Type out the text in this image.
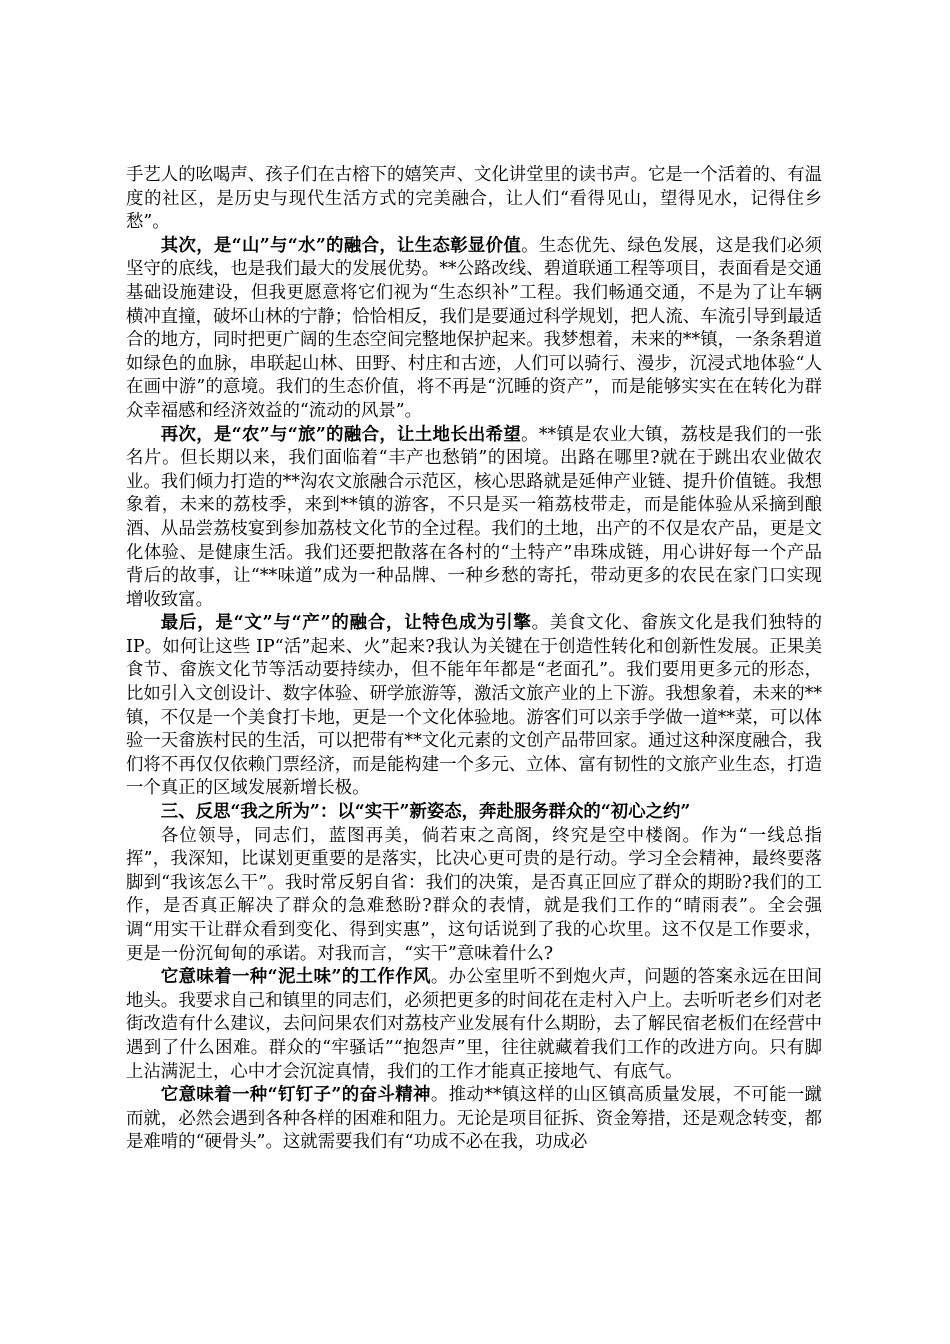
手艺人的吆喝声、孩子们在古榕下的嬉笑声、文化讲堂里的读书声。它是一个活着的、有温度的社区，是历史与现代生活方式的完美融合，让人们“看得见山，望得见水，记得住乡愁”。

其次，是“山”与“水”的融合，让生态彰显价值。生态优先、绿色发展，这是我们必须坚守的底线，也是我们最大的发展优势。**公路改线、碧道联通工程等项目，表面看是交通基础设施建设，但我更愿意将它们视为“生态织补”工程。我们畅通交通，不是为了让车辆横冲直撞，破坏山林的宁静；恰恰相反，我们是要通过科学规划，把人流、车流引导到最适合的地方，同时把更广阔的生态空间完整地保护起来。我梦想着，未来的**镇，一条条碧道如绿色的血脉，串联起山林、田野、村庄和古迹，人们可以骑行、漫步，沉浸式地体验“人在画中游”的意境。我们的生态价值，将不再是“沉睡的资产”，而是能够实实在在转化为群众幸福感和经济效益的“流动的风景”。

再次，是“农”与“旅”的融合，让土地长出希望。**镇是农业大镇，荔枝是我们的一张名片。但长期以来，我们面临着“丰产也愁销”的困境。出路在哪里?就在于跳出农业做农业。我们倾力打造的**沟农文旅融合示范区，核心思路就是延伸产业链、提升价值链。我想象着，未来的荔枝季，来到**镇的游客，不只是买一箱荔枝带走，而是能体验从采摘到酿酒、从品尝荔枝宴到参加荔枝文化节的全过程。我们的土地，出产的不仅是农产品，更是文化体验、是健康生活。我们还要把散落在各村的“土特产”串珠成链，用心讲好每一个产品背后的故事，让“**味道”成为一种品牌、一种乡愁的寄托，带动更多的农民在家门口实现增收致富。

最后，是“文”与“产”的融合，让特色成为引擎。美食文化、畲族文化是我们独特的 IP。如何让这些 IP“活”起来、火”起来?我认为关键在于创造性转化和创新性发展。正果美食节、畲族文化节等活动要持续办，但不能年年都是“老面孔”。我们要用更多元的形态，比如引入文创设计、数字体验、研学旅游等，激活文旅产业的上下游。我想象着，未来的**镇，不仅是一个美食打卡地，更是一个文化体验地。游客们可以亲手学做一道**菜，可以体验一天畲族村民的生活，可以把带有**文化元素的文创产品带回家。通过这种深度融合，我们将不再仅仅依赖门票经济，而是能构建一个多元、立体、富有韧性的文旅产业生态，打造一个真正的区域发展新增长极。

三、反思“我之所为”：以“实干”新姿态，奔赴服务群众的“初心之约”

各位领导，同志们，蓝图再美，倘若束之高阁，终究是空中楼阁。作为“一线总指挥”，我深知，比谋划更重要的是落实，比决心更可贵的是行动。学习全会精神，最终要落脚到“我该怎么干”。我时常反躬自省：我们的决策，是否真正回应了群众的期盼?我们的工作，是否真正解决了群众的急难愁盼?群众的表情，就是我们工作的“晴雨表”。全会强调“用实干让群众看到变化、得到实惠”，这句话说到了我的心坎里。这不仅是工作要求，更是一份沉甸甸的承诺。对我而言，“实干”意味着什么?

它意味着一种“泥土味”的工作作风。办公室里听不到炮火声，问题的答案永远在田间地头。我要求自己和镇里的同志们，必须把更多的时间花在走村入户上。去听听老乡们对老街改造有什么建议，去问问果农们对荔枝产业发展有什么期盼，去了解民宿老板们在经营中遇到了什么困难。群众的“牢骚话”“抱怨声”里，往往就藏着我们工作的改进方向。只有脚上沾满泥土，心中才会沉淀真情，我们的工作才能真正接地气、有底气。

它意味着一种“钉钉子”的奋斗精神。推动**镇这样的山区镇高质量发展，不可能一蹴而就，必然会遇到各种各样的困难和阻力。无论是项目征拆、资金筹措，还是观念转变，都是难啃的“硬骨头”。这就需要我们有“功成不必在我，功成必
